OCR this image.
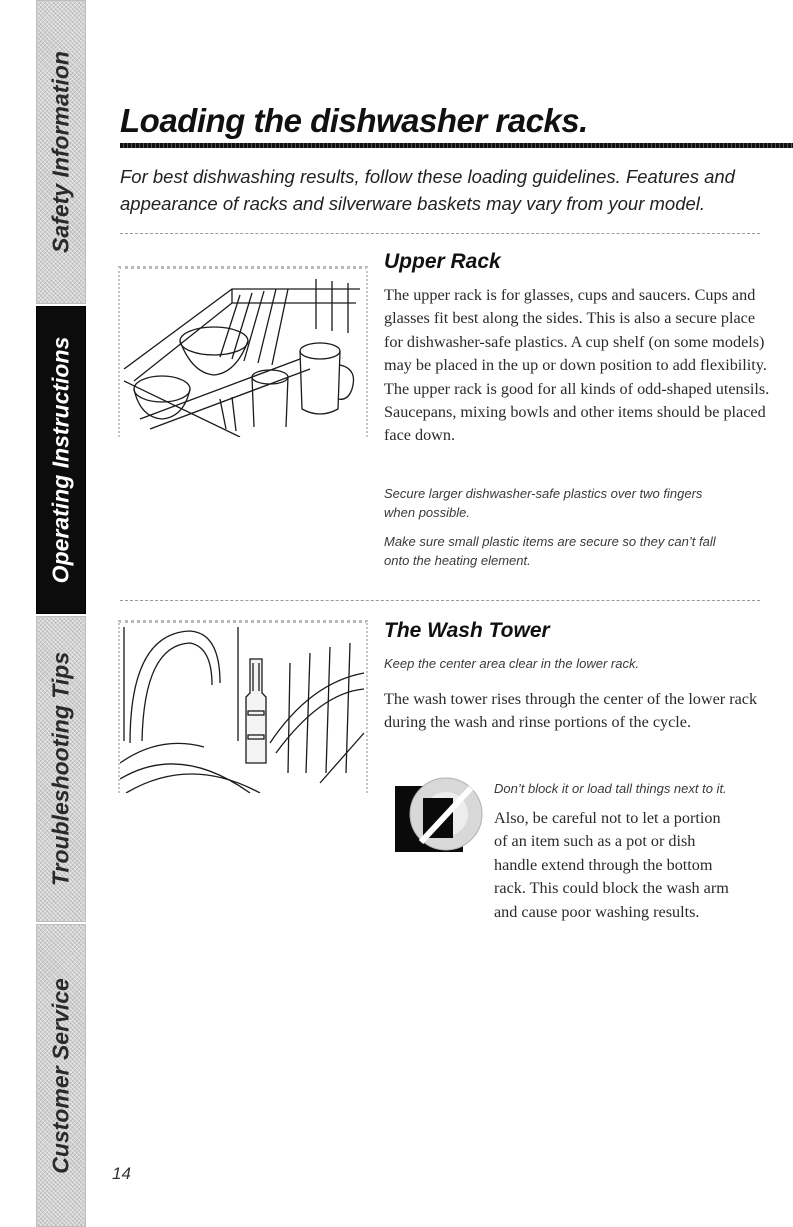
Safety Information
Operating Instructions
Troubleshooting Tips
Customer Service
Loading the dishwasher racks.
For best dishwashing results, follow these loading guidelines. Features and appearance of racks and silverware baskets may vary from your model.
Upper Rack
The upper rack is for glasses, cups and saucers. Cups and glasses fit best along the sides. This is also a secure place for dishwasher-safe plastics. A cup shelf (on some models) may be placed in the up or down position to add flexibility. The upper rack is good for all kinds of odd-shaped utensils. Saucepans, mixing bowls and other items should be placed face down.
Secure larger dishwasher-safe plastics over two fingers when possible.
Make sure small plastic items are secure so they can’t fall onto the heating element.
The Wash Tower
Keep the center area clear in the lower rack.
The wash tower rises through the center of the lower rack during the wash and rinse portions of the cycle.
Don’t block it or load tall things next to it.
Also, be careful not to let a portion of an item such as a pot or dish handle extend through the bottom rack. This could block the wash arm and cause poor washing results.
14
